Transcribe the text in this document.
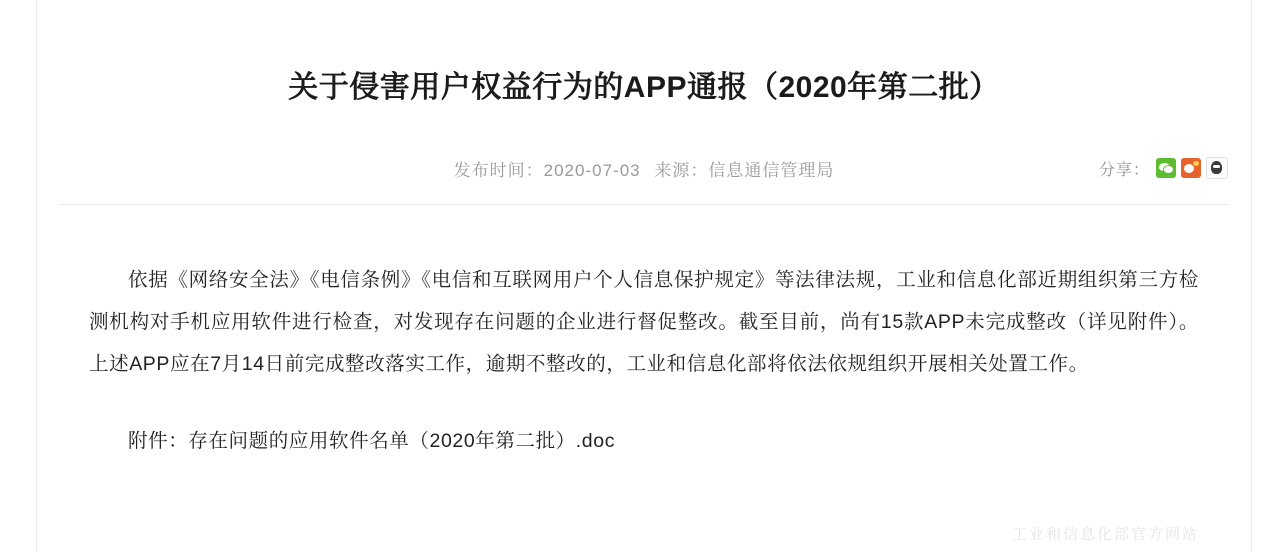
关于侵害用户权益行为的APP通报（2020年第二批）
发布时间：2020-07-03 来源：信息通信管理局	分享：

依据《网络安全法》《电信条例》《电信和互联网用户个人信息保护规定》等法律法规，工业和信息化部近期组织第三方检测机构对手机应用软件进行检查，对发现存在问题的企业进行督促整改。截至目前，尚有15款APP未完成整改（详见附件）。上述APP应在7月14日前完成整改落实工作，逾期不整改的，工业和信息化部将依法依规组织开展相关处置工作。

附件：存在问题的应用软件名单（2020年第二批）.doc

工业和信息化部官方网站
